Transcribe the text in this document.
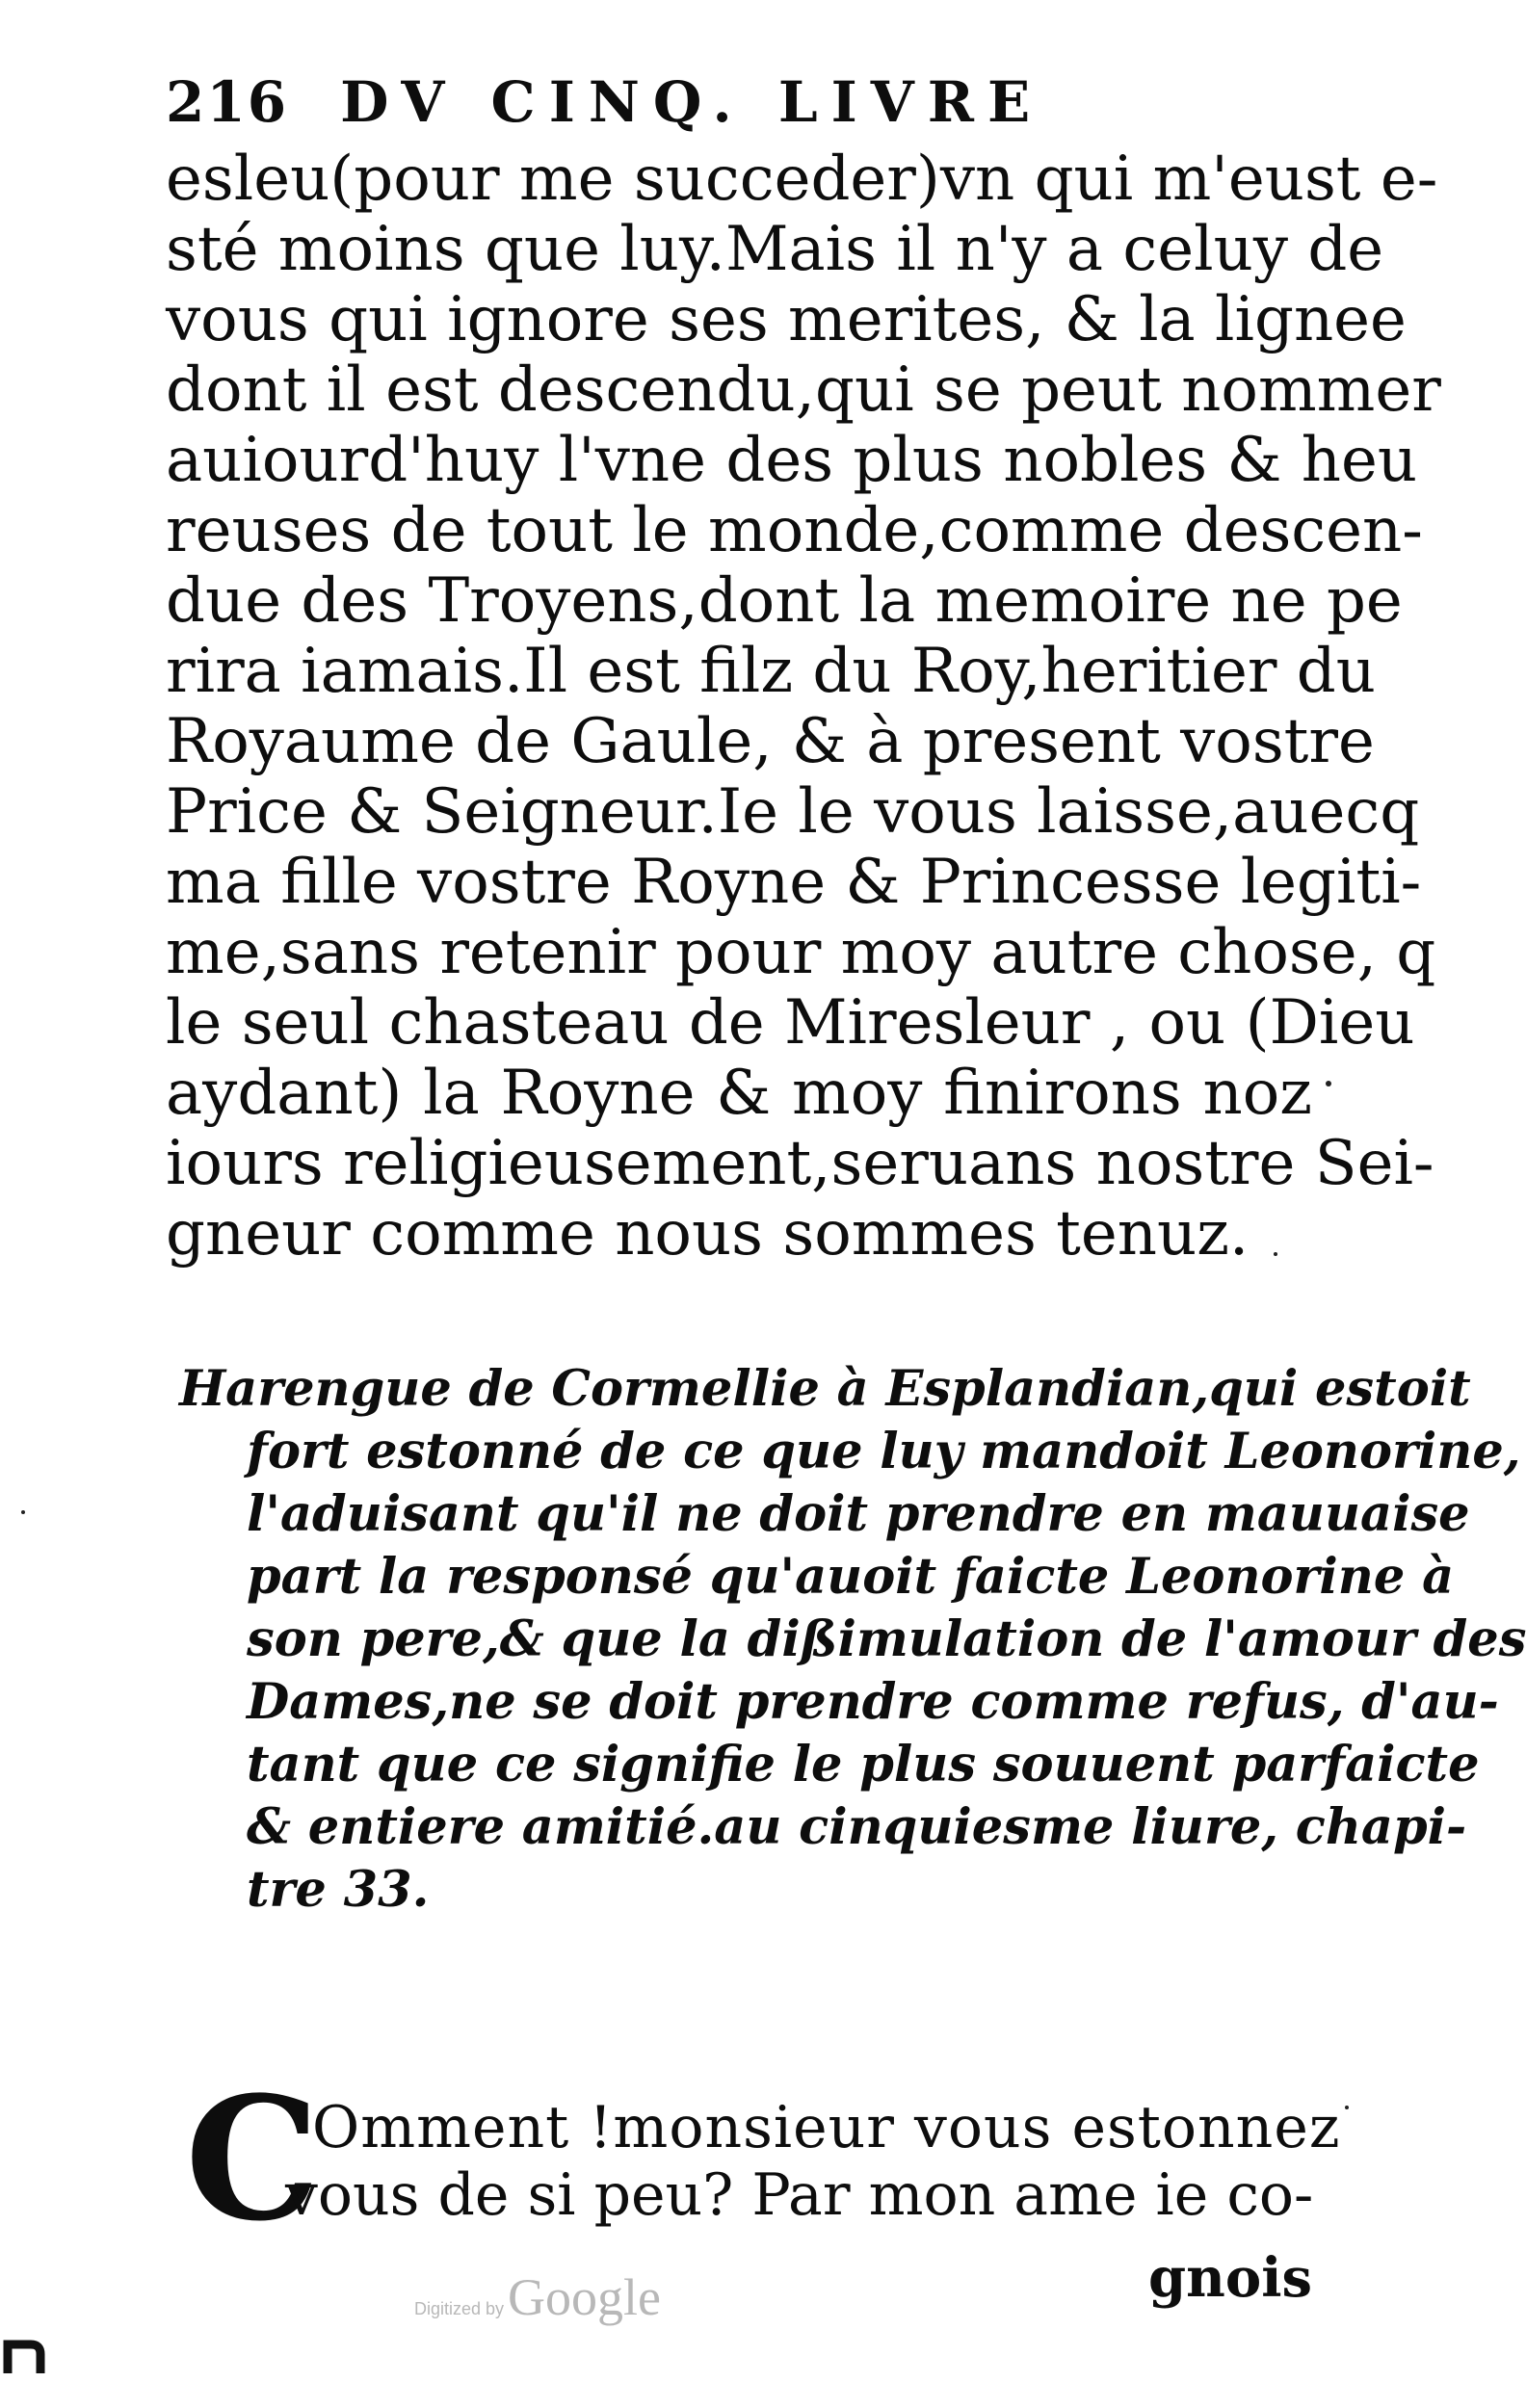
216 DV CINQ. LIVRE
esleu(pour me succeder)vn qui m'eust e-
sté moins que luy.Mais il n'y a celuy de
vous qui ignore ses merites, & la lignee
dont il est descendu,qui se peut nommer
auiourd'huy l'vne des plus nobles & heu
reuses de tout le monde,comme descen-
due des Troyens,dont la memoire ne pe
rira iamais.Il est filz du Roy,heritier du
Royaume de Gaule, & à present vostre
Price & Seigneur.Ie le vous laisse,auecq
ma fille vostre Royne & Princesse legiti-
me,sans retenir pour moy autre chose, q
le seul chasteau de Miresleur , ou (Dieu
aydant) la Royne & moy finirons noz
iours religieusement,seruans nostre Sei-
gneur comme nous sommes tenuz.
Harengue de Cormellie à Esplandian,qui estoit
fort estonné de ce que luy mandoit Leonorine,
l'aduisant qu'il ne doit prendre en mauuaise
part la responsé qu'auoit faicte Leonorine à
son pere,& que la dißimulation de l'amour des
Dames,ne se doit prendre comme refus, d'au-
tant que ce signifie le plus souuent parfaicte
& entiere amitié.au cinquiesme liure, chapi-
tre 33.
C
Omment !monsieur vous estonnez
vous de si peu? Par mon ame ie co-
gnois
Digitized by Google
